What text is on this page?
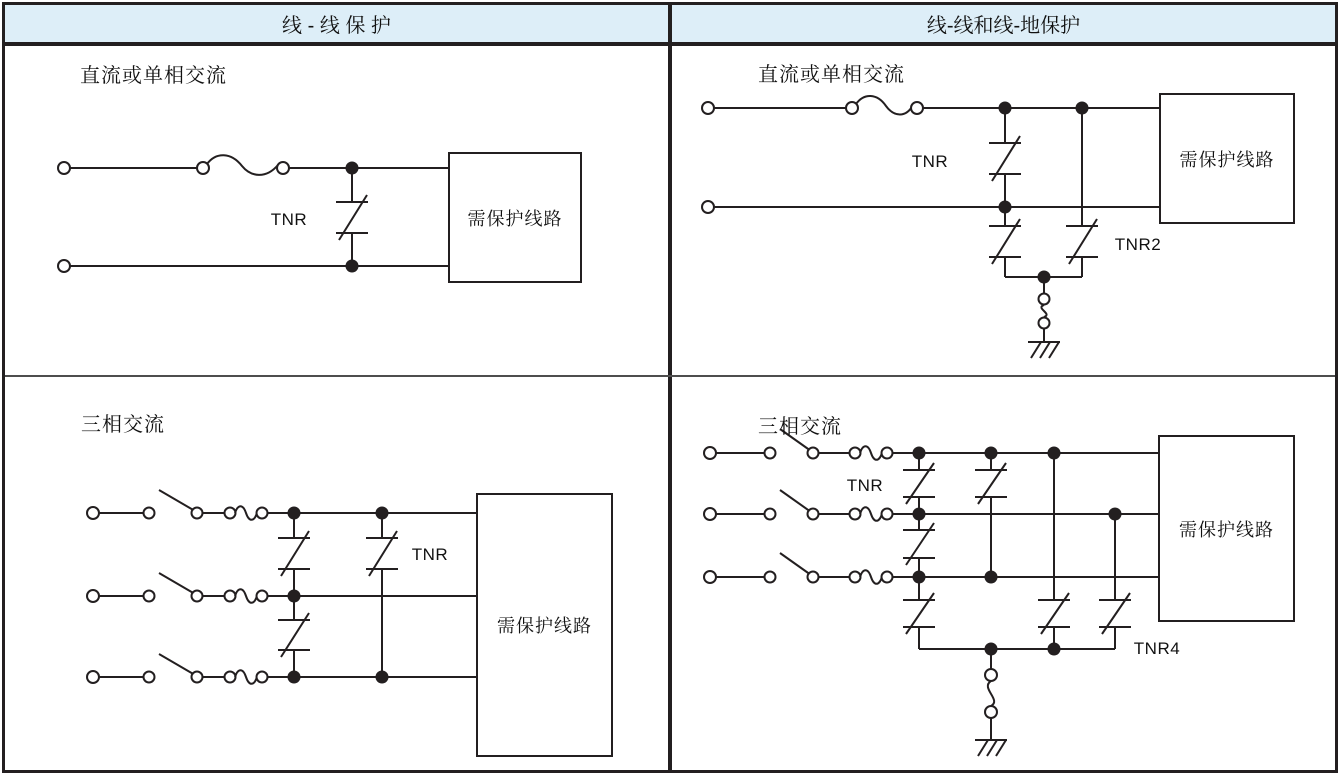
线 - 线 保 护	线-线和线-地保护
直流或单相交流	直流或单相交流
三相交流	三相交流
TNR
TNR
TNR2
TNR
TNR
TNR4
需保护线路
需保护线路
需保护线路
需保护线路
